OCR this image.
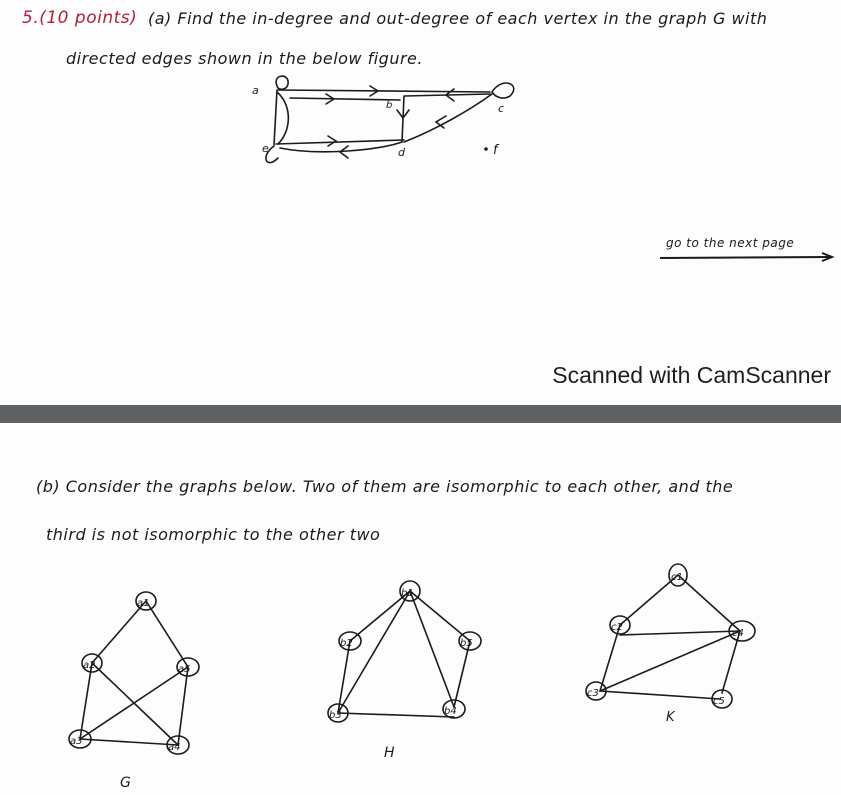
5.(10 points) (a) Find the in-degree and out-degree of each vertex in the graph G with
directed edges shown in the below figure.
a
b	c
d
e	f
go to the next page
Scanned with CamScanner
(b) Consider the graphs below. Two of them are isomorphic to each other, and the
third is not isomorphic to the other two
a1
a2
a3
a4
a5
G
b1
b2
b3	b4
b5
H
c1
c2
c3
c4
c5
K
